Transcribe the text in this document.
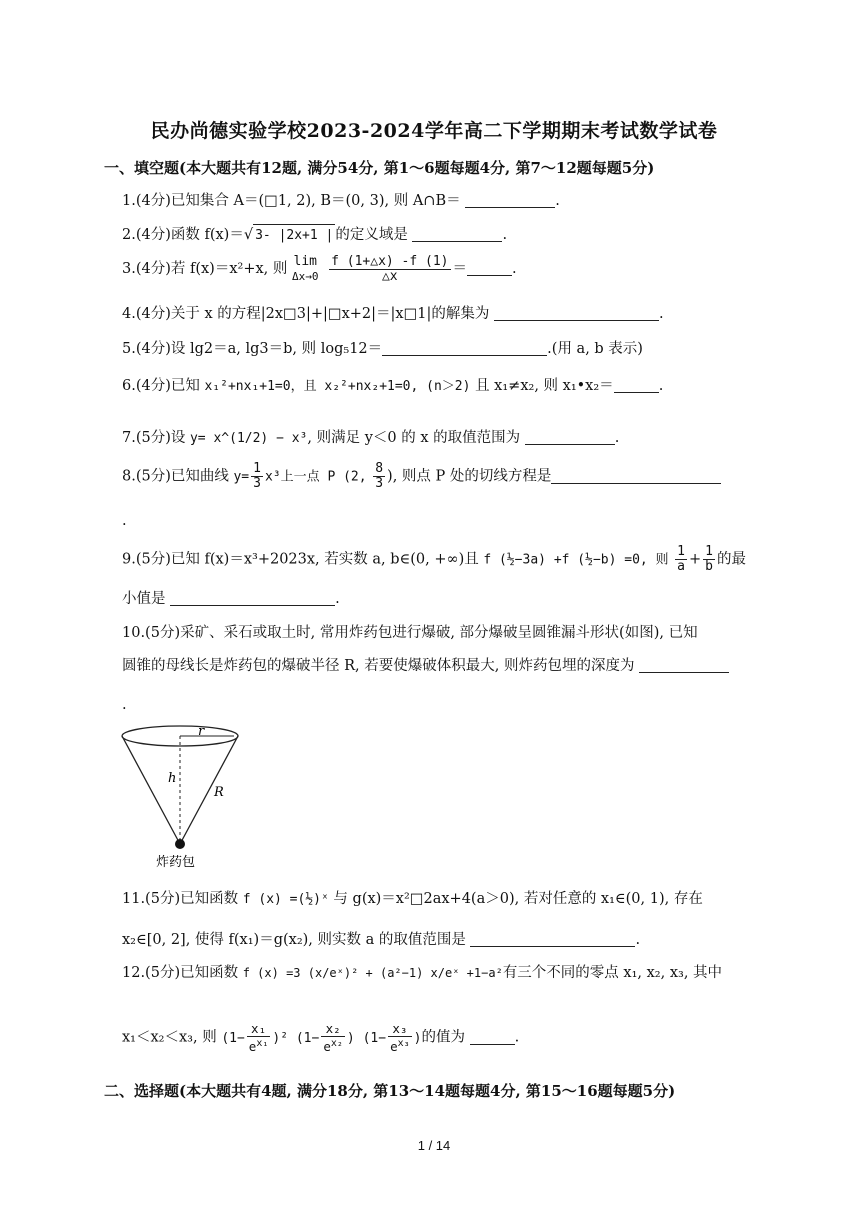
民办尚德实验学校2023-2024学年高二下学期期末考试数学试卷
一、填空题(本大题共有12题, 满分54分, 第1～6题每题4分, 第7～12题每题5分)
1.(4分)已知集合 A＝(□1, 2), B＝(0, 3), 则 A∩B＝	.
2.(4分)函数 f(x)＝√ 3- |2x+1 | 的定义域是	.
3.(4分)若 f(x)＝x²+x, 则 lim
Δx→0
$\frac{f (1+\triangle x) -f (1)}{\triangle x}$ ＝	.
4.(4分)关于 x 的方程|2x□3|+|□x+2|＝|x□1|的解集为	.
5.(4分)设 lg2＝a, lg3＝b, 则 log₅12＝	.(用 a, b 表示)
6.(4分)已知 x₁²+nx₁+1=0，且 x₂²+nx₂+1=0, (n＞2) 且 x₁≠x₂, 则 x₁•x₂＝	.
7.(5分)设 y= x^(1/2) − x³, 则满足 y＜0 的 x 的取值范围为	.
8.(5分)已知曲线 $y= \frac{1}{3} x^3$上一点 P (2, $\frac{8}{3}$ ), 则点 P 处的切线方程是
.
9.(5分)已知 f(x)＝x³+2023x, 若实数 a, b∈(0, +∞)且 f (½−3a) +f (½−b) =0, 则 $\frac{1}{a} + \frac{1}{b}$ 的最
小值是	.
10.(5分)采矿、采石或取土时, 常用炸药包进行爆破, 部分爆破呈圆锥漏斗形状(如图), 已知
圆锥的母线长是炸药包的爆破半径 R, 若要使爆破体积最大, 则炸药包埋的深度为
.
r
h
R
炸药包
11.(5分)已知函数 f (x) =(½)ˣ 与 g(x)＝x²□2ax+4(a＞0), 若对任意的 x₁∈(0, 1), 存在
x₂∈[0, 2], 使得 f(x₁)＝g(x₂), 则实数 a 的取值范围是	.
12.(5分)已知函数 f (x) =3 (x/eˣ)² + (a²−1) x/eˣ +1−a²有三个不同的零点 x₁, x₂, x₃, 其中
x₁＜x₂＜x₃, 则 $(1- \frac{\text{x₁}}{e^{x_1}} )^2$ ($1- \frac{\text{x₂}}{e^{x_2}}$ ) ($1- \frac{\text{x₃}}{e^{x_3}}$ )的值为	.
二、选择题(本大题共有4题, 满分18分, 第13～14题每题4分, 第15～16题每题5分)
1 / 14
